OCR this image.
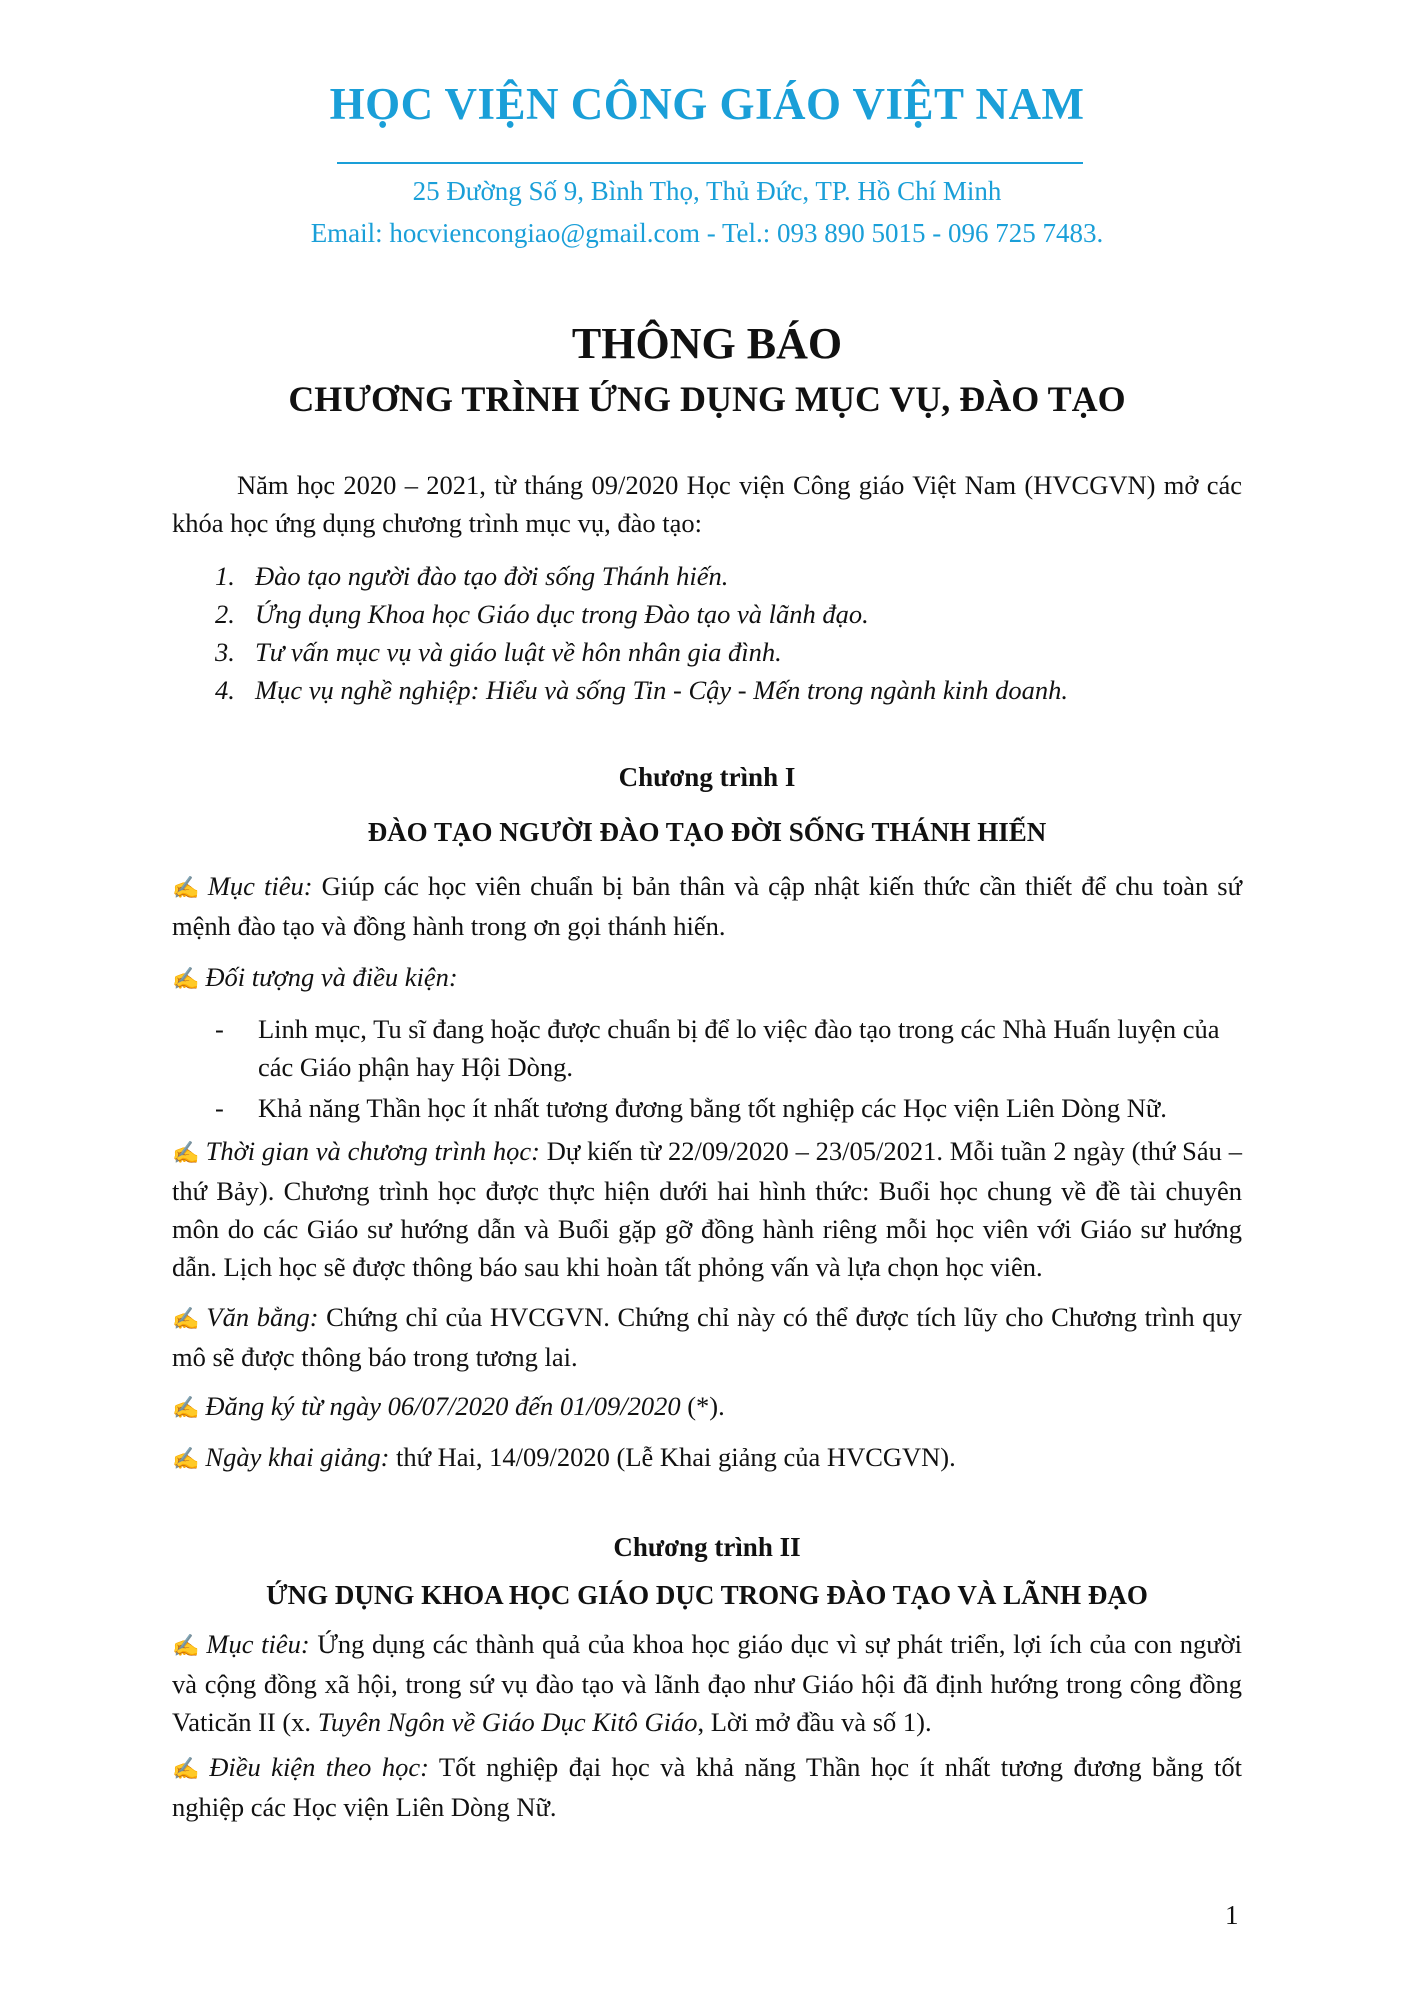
HỌC VIỆN CÔNG GIÁO VIỆT NAM
25 Đường Số 9, Bình Thọ, Thủ Đức, TP. Hồ Chí Minh
Email: hocviencongiao@gmail.com - Tel.: 093 890 5015 - 096 725 7483.
THÔNG BÁO
CHƯƠNG TRÌNH ỨNG DỤNG MỤC VỤ, ĐÀO TẠO
Năm học 2020 – 2021, từ tháng 09/2020 Học viện Công giáo Việt Nam (HVCGVN) mở các khóa học ứng dụng chương trình mục vụ, đào tạo:
1. Đào tạo người đào tạo đời sống Thánh hiến.
2. Ứng dụng Khoa học Giáo dục trong Đào tạo và lãnh đạo.
3. Tư vấn mục vụ và giáo luật về hôn nhân gia đình.
4. Mục vụ nghề nghiệp: Hiểu và sống Tin - Cậy - Mến trong ngành kinh doanh.
Chương trình I
ĐÀO TẠO NGƯỜI ĐÀO TẠO ĐỜI SỐNG THÁNH HIẾN
✍ Mục tiêu: Giúp các học viên chuẩn bị bản thân và cập nhật kiến thức cần thiết để chu toàn sứ mệnh đào tạo và đồng hành trong ơn gọi thánh hiến.
✍ Đối tượng và điều kiện:
- Linh mục, Tu sĩ đang hoặc được chuẩn bị để lo việc đào tạo trong các Nhà Huấn luyện của các Giáo phận hay Hội Dòng.
- Khả năng Thần học ít nhất tương đương bằng tốt nghiệp các Học viện Liên Dòng Nữ.
✍ Thời gian và chương trình học: Dự kiến từ 22/09/2020 – 23/05/2021. Mỗi tuần 2 ngày (thứ Sáu – thứ Bảy). Chương trình học được thực hiện dưới hai hình thức: Buổi học chung về đề tài chuyên môn do các Giáo sư hướng dẫn và Buổi gặp gỡ đồng hành riêng mỗi học viên với Giáo sư hướng dẫn. Lịch học sẽ được thông báo sau khi hoàn tất phỏng vấn và lựa chọn học viên.
✍ Văn bằng: Chứng chỉ của HVCGVN. Chứng chỉ này có thể được tích lũy cho Chương trình quy mô sẽ được thông báo trong tương lai.
✍ Đăng ký từ ngày 06/07/2020 đến 01/09/2020 (*).
✍ Ngày khai giảng: thứ Hai, 14/09/2020 (Lễ Khai giảng của HVCGVN).
Chương trình II
ỨNG DỤNG KHOA HỌC GIÁO DỤC TRONG ĐÀO TẠO VÀ LÃNH ĐẠO
✍ Mục tiêu: Ứng dụng các thành quả của khoa học giáo dục vì sự phát triển, lợi ích của con người và cộng đồng xã hội, trong sứ vụ đào tạo và lãnh đạo như Giáo hội đã định hướng trong công đồng Vaticăn II (x. Tuyên Ngôn về Giáo Dục Kitô Giáo, Lời mở đầu và số 1).
✍ Điều kiện theo học: Tốt nghiệp đại học và khả năng Thần học ít nhất tương đương bằng tốt nghiệp các Học viện Liên Dòng Nữ.
1
